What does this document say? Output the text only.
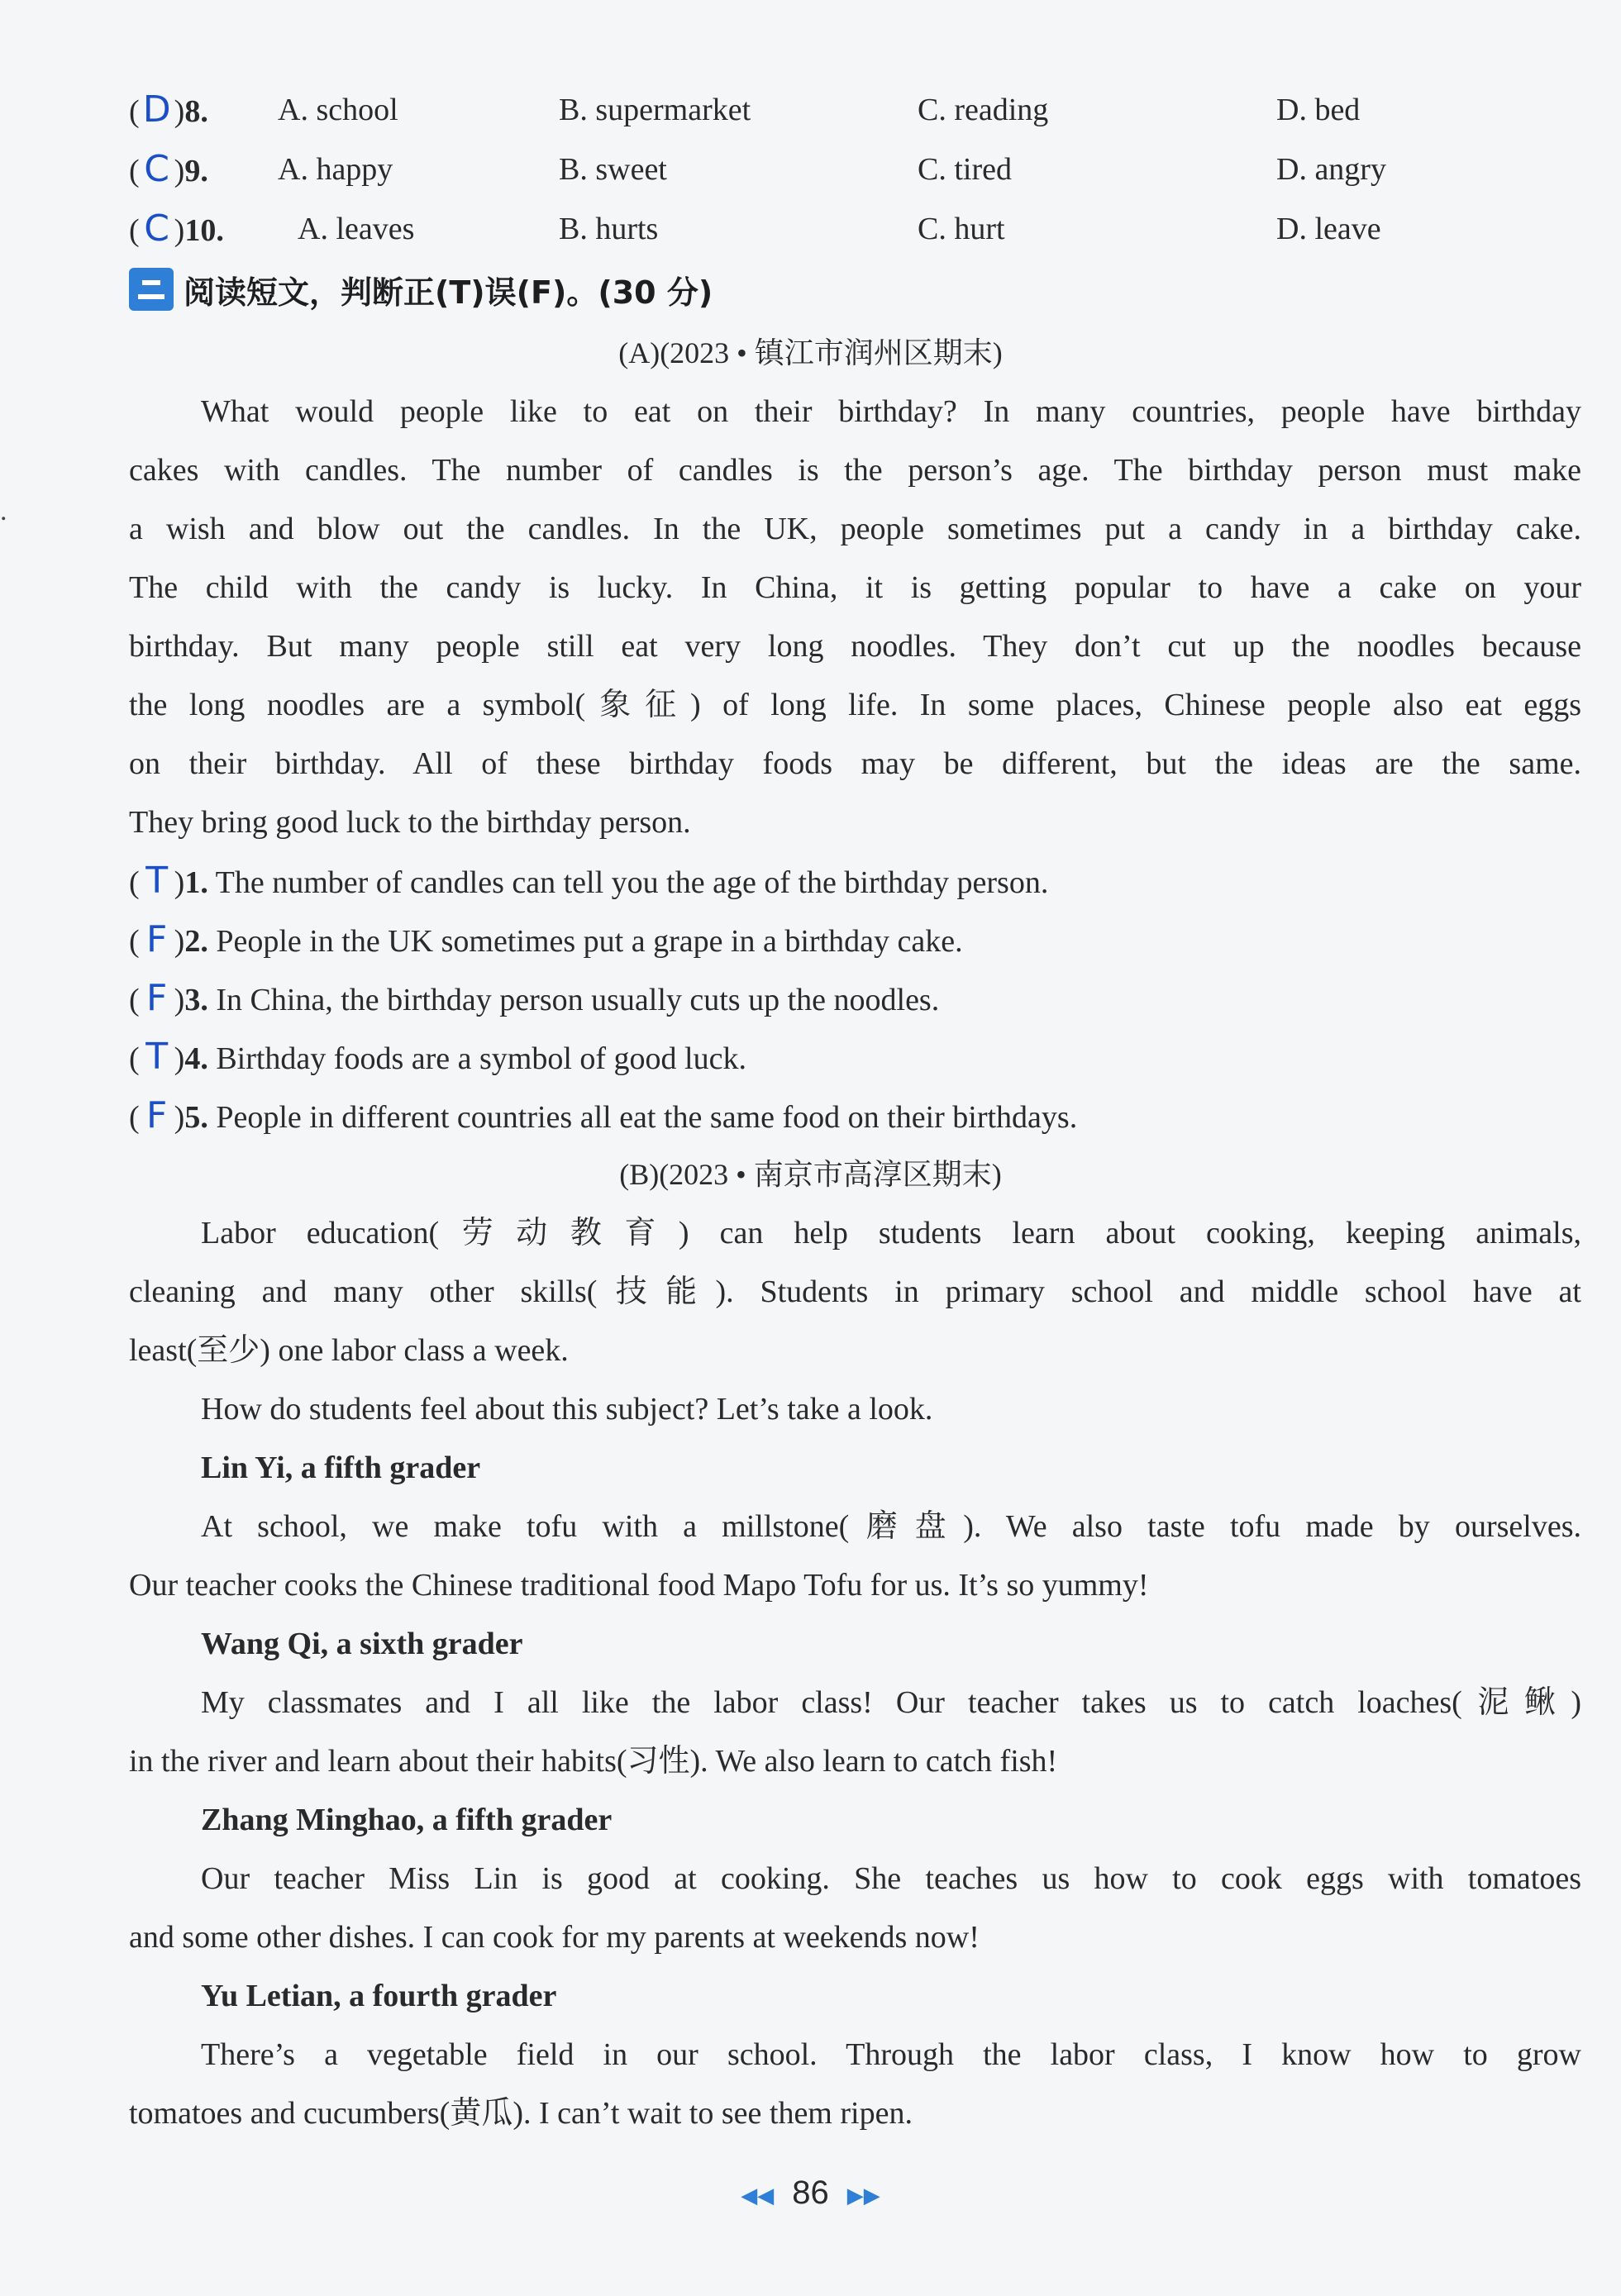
.
(D )8. A. school	B. supermarket	C. reading	D. bed
( C )9. A. happy	B. sweet	C. tired	D. angry
( C )10. A. leaves	B. hurts	C. hurt	D. leave
阅读短文，判断正(T)误(F)。(30 分)
(A)(2023 • 镇江市润州区期末)
What would people like to eat on their birthday? In many countries, people have birthday
cakes with candles. The number of candles is the person’s age. The birthday person must make
a wish and blow out the candles. In the UK, people sometimes put a candy in a birthday cake.
The child with the candy is lucky. In China, it is getting popular to have a cake on your
birthday. But many people still eat very long noodles. They don’t cut up the noodles because
the long noodles are a symbol(象征) of long life. In some places, Chinese people also eat eggs
on their birthday. All of these birthday foods may be different, but the ideas are the same.
They bring good luck to the birthday person.
( T )1. The number of candles can tell you the age of the birthday person.
( F )2. People in the UK sometimes put a grape in a birthday cake.
( F )3. In China, the birthday person usually cuts up the noodles.
( T )4. Birthday foods are a symbol of good luck.
( F )5. People in different countries all eat the same food on their birthdays.
(B)(2023 • 南京市高淳区期末)
Labor education(劳动教育) can help students learn about cooking, keeping animals,
cleaning and many other skills(技能). Students in primary school and middle school have at
least(至少) one labor class a week.
How do students feel about this subject? Let’s take a look.
Lin Yi, a fifth grader
At school, we make tofu with a millstone(磨盘). We also taste tofu made by ourselves.
Our teacher cooks the Chinese traditional food Mapo Tofu for us. It’s so yummy!
Wang Qi, a sixth grader
My classmates and I all like the labor class! Our teacher takes us to catch loaches(泥鳅)
in the river and learn about their habits(习性). We also learn to catch fish!
Zhang Minghao, a fifth grader
Our teacher Miss Lin is good at cooking. She teaches us how to cook eggs with tomatoes
and some other dishes. I can cook for my parents at weekends now!
Yu Letian, a fourth grader
There’s a vegetable field in our school. Through the labor class, I know how to grow
tomatoes and cucumbers(黄瓜). I can’t wait to see them ripen.
◀◀ 86 ▶▶
